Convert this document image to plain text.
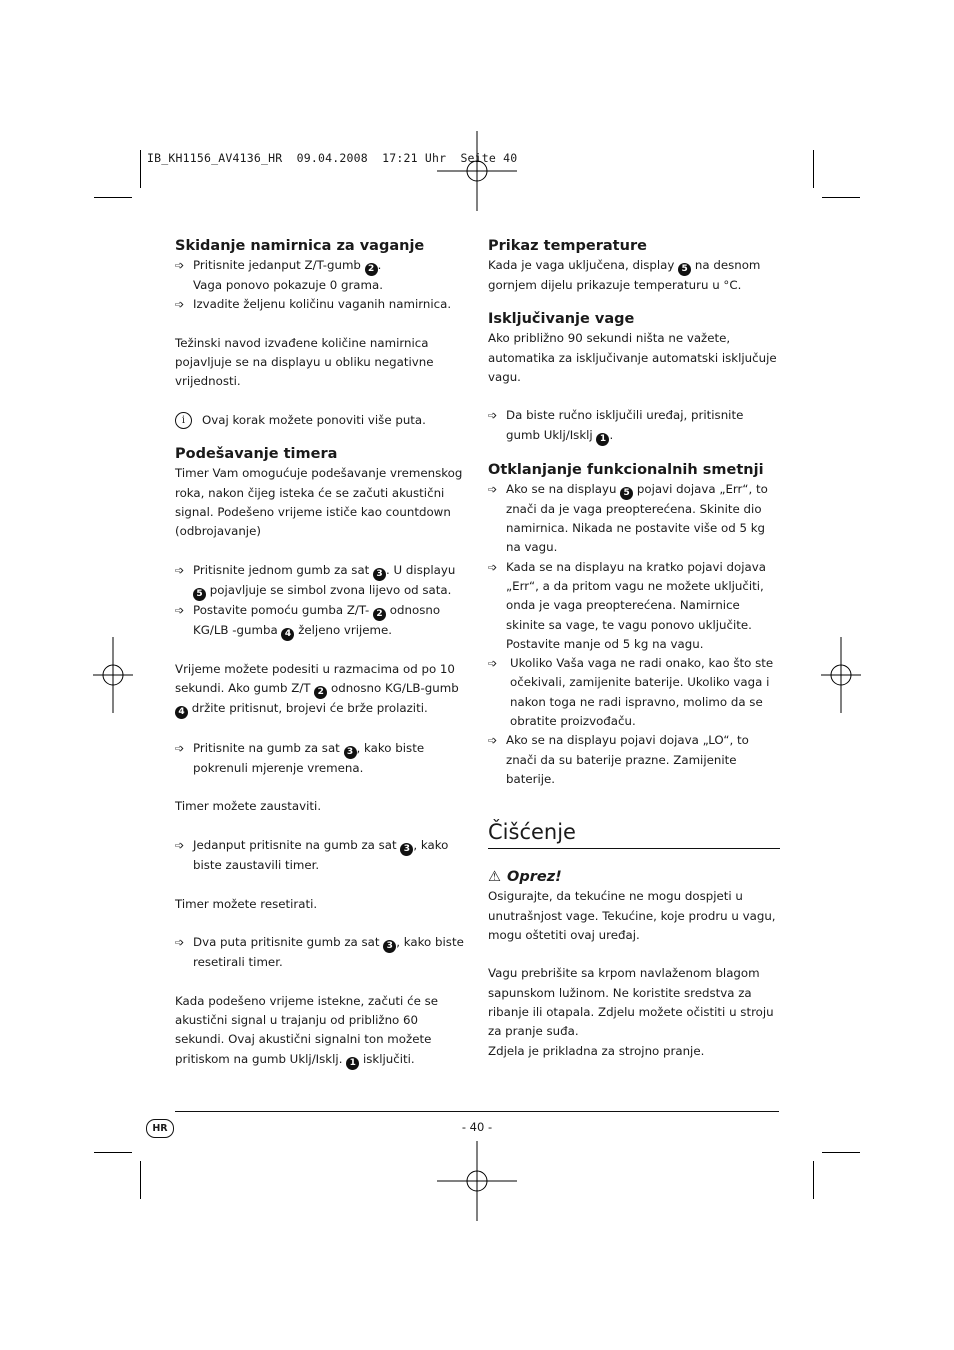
IB_KH1156_AV4136_HR  09.04.2008  17:21 Uhr  Seite 40
Skidanje namirnica za vaganje
➩ Pritisnite jedanput Z/T-gumb 2 .
Vaga ponovo pokazuje 0 grama.
➩ Izvadite željenu količinu vaganih namirnica.

Težinski navod izvađene količine namirnica pojavljuje se na displayu u obliku negativne vrijednosti.

i	Ovaj korak možete ponoviti više puta.
Podešavanje timera

Timer Vam omogućuje podešavanje vremenskog roka, nakon čijeg isteka će se začuti akustični signal. Podešeno vrijeme ističe kao countdown (odbrojavanje)

➩ Pritisnite jednom gumb za sat 3 . U displayu 5 pojavljuje se simbol zvona lijevo od sata.
➩ Postavite pomoću gumba Z/T- 2 odnosno KG/LB -gumba 4 željeno vrijeme.

Vrijeme možete podesiti u razmacima od po 10 sekundi. Ako gumb Z/T 2 odnosno KG/LB-gumb 4 držite pritisnut, brojevi će brže prolaziti.

➩ Pritisnite na gumb za sat 3 , kako biste pokrenuli mjerenje vremena.

Timer možete zaustaviti.

➩ Jedanput pritisnite na gumb za sat 3 , kako biste zaustavili timer.

Timer možete resetirati.

➩ Dva puta pritisnite gumb za sat 3 , kako biste resetirali timer.

Kada podešeno vrijeme istekne, začuti će se akustični signal u trajanju od približno 60 sekundi. Ovaj akustični signalni ton možete pritiskom na gumb Uklj/Isklj. 1 isključiti.

Prikaz temperature

Kada je vaga uključena, display 5 na desnom gornjem dijelu prikazuje temperaturu u °C.

Isključivanje vage

Ako približno 90 sekundi ništa ne važete, automatika za isključivanje automatski isključuje vagu.

➩ Da biste ručno isključili uređaj, pritisnite gumb Uklj/Isklj 1 .
Otklanjanje funkcionalnih smetnji
➩ Ako se na displayu 5 pojavi dojava „Err“, to znači da je vaga preopterećena. Skinite dio namirnica. Nikada ne postavite više od 5 kg na vagu.
➩ Kada se na displayu na kratko pojavi dojava „Err“, a da pritom vagu ne možete uključiti, onda je vaga preopterećena. Namirnice skinite sa vage, te vagu ponovo uključite. Postavite manje od 5 kg na vagu.
➩ Ukoliko Vaša vaga ne radi onako, kao što ste očekivali, zamijenite baterije. Ukoliko vaga i nakon toga ne radi ispravno, molimo da se obratite proizvođaču.
➩ Ako se na displayu pojavi dojava „LO“, to znači da su baterije prazne. Zamijenite baterije.
Čišćenje
⚠ Oprez!

Osigurajte, da tekućine ne mogu dospjeti u unutrašnjost vage. Tekućine, koje prodru u vagu, mogu oštetiti ovaj uređaj.

Vagu prebrišite sa krpom navlaženom blagom sapunskom lužinom. Ne koristite sredstva za ribanje ili otapala. Zdjelu možete očistiti u stroju za pranje suđa.

Zdjela je prikladna za strojno pranje.

HR	- 40 -
